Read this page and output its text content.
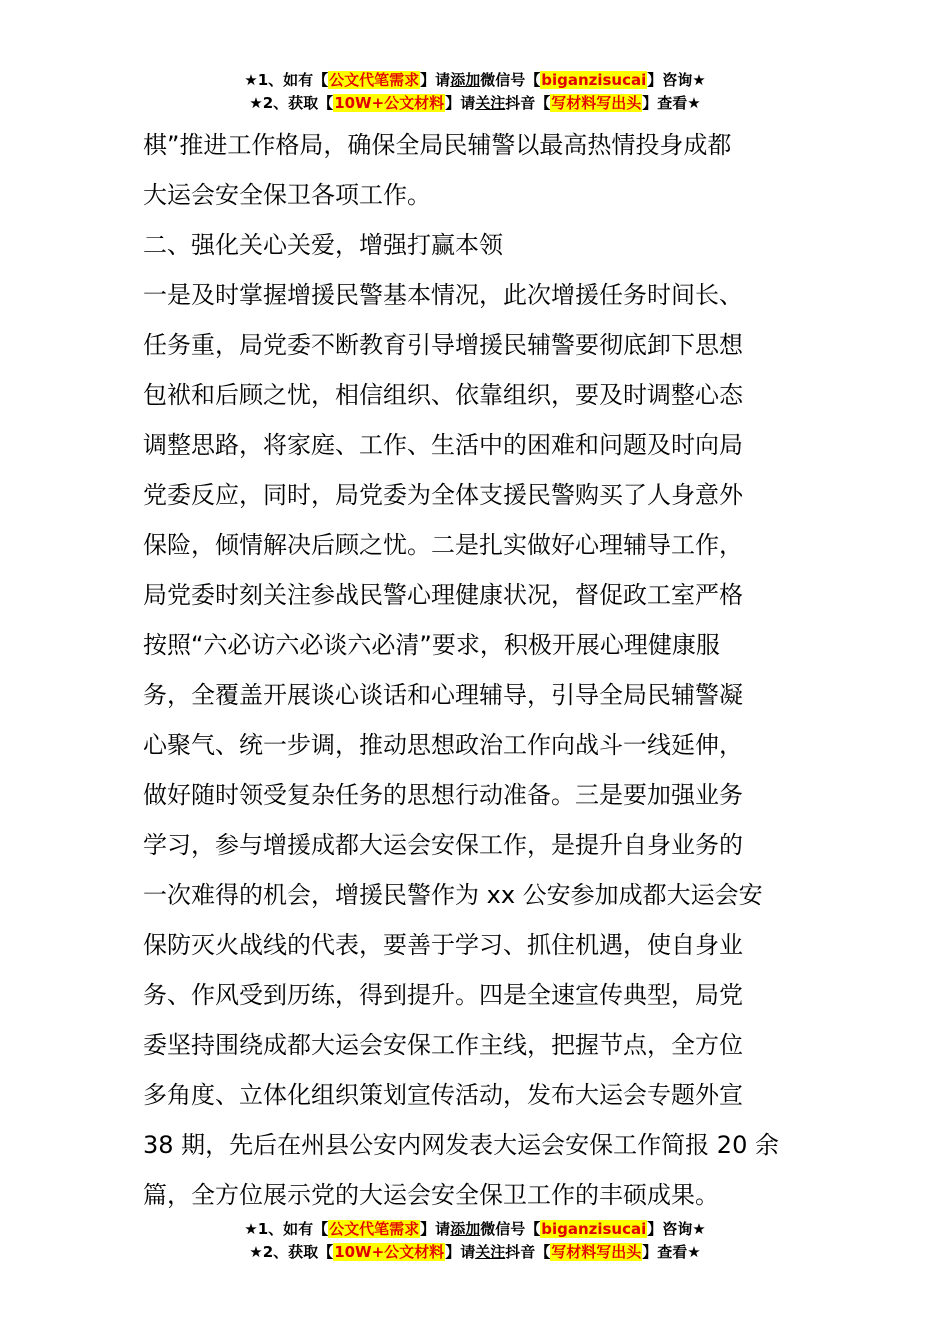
★1、如有【公文代笔需求】请添加微信号【biganzisucai】咨询★
★2、获取【10W+公文材料】请关注抖音【写材料写出头】查看★
棋”推进工作格局，确保全局民辅警以最高热情投身成都
大运会安全保卫各项工作。
二、强化关心关爱，增强打赢本领
一是及时掌握增援民警基本情况，此次增援任务时间长、
任务重，局党委不断教育引导增援民辅警要彻底卸下思想
包袱和后顾之忧，相信组织、依靠组织，要及时调整心态
调整思路，将家庭、工作、生活中的困难和问题及时向局
党委反应，同时，局党委为全体支援民警购买了人身意外
保险，倾情解决后顾之忧。二是扎实做好心理辅导工作，
局党委时刻关注参战民警心理健康状况，督促政工室严格
按照“六必访六必谈六必清”要求，积极开展心理健康服
务，全覆盖开展谈心谈话和心理辅导，引导全局民辅警凝
心聚气、统一步调，推动思想政治工作向战斗一线延伸，
做好随时领受复杂任务的思想行动准备。三是要加强业务
学习，参与增援成都大运会安保工作，是提升自身业务的
一次难得的机会，增援民警作为 xx 公安参加成都大运会安
保防灭火战线的代表，要善于学习、抓住机遇，使自身业
务、作风受到历练，得到提升。四是全速宣传典型，局党
委坚持围绕成都大运会安保工作主线，把握节点，全方位
多角度、立体化组织策划宣传活动，发布大运会专题外宣
38 期，先后在州县公安内网发表大运会安保工作简报 20 余
篇，全方位展示党的大运会安全保卫工作的丰硕成果。
★1、如有【公文代笔需求】请添加微信号【biganzisucai】咨询★
★2、获取【10W+公文材料】请关注抖音【写材料写出头】查看★
